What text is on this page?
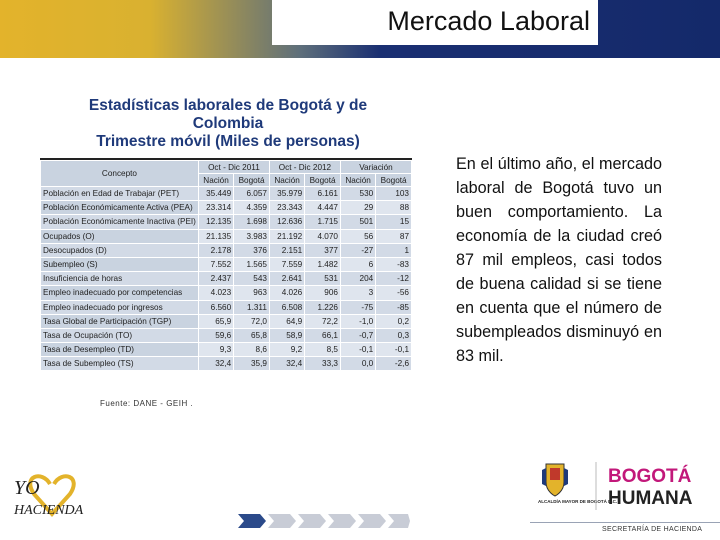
Mercado Laboral
Estadísticas laborales de Bogotá y de
Colombia
Trimestre móvil (Miles de personas)
Concepto	Oct - Dic 2011		Oct - Dic 2012		Variación	
	Nación	Bogotá	Nación	Bogotá	Nación	Bogotá
Población en Edad de Trabajar (PET)	35.449	6.057	35.979	6.161	530	103
Población Económicamente Activa (PEA)	23.314	4.359	23.343	4.447	29	88
Población Económicamente Inactiva (PEI)	12.135	1.698	12.636	1.715	501	15
Ocupados (O)	21.135	3.983	21.192	4.070	56	87
Desocupados (D)	2.178	376	2.151	377	-27	1
Subempleo (S)	7.552	1.565	7.559	1.482	6	-83
Insuficiencia de horas	2.437	543	2.641	531	204	-12
Empleo inadecuado por competencias	4.023	963	4.026	906	3	-56
Empleo inadecuado por ingresos	6.560	1.311	6.508	1.226	-75	-85
Tasa Global de Participación (TGP)	65,9	72,0	64,9	72,2	-1,0	0,2
Tasa de Ocupación (TO)	59,6	65,8	58,9	66,1	-0,7	0,3
Tasa de Desempleo (TD)	9,3	8,6	9,2	8,5	-0,1	-0,1
Tasa de Subempleo (TS)	32,4	35,9	32,4	33,3	0,0	-2,6
Fuente: DANE - GEIH .
En el último año, el mercado laboral de Bogotá tuvo un buen comportamiento. La economía de la ciudad creó 87 mil empleos, casi todos de buena calidad si se tiene en cuenta que el número de subempleados disminuyó en 83 mil.
YO
HACIENDA
ALCALDÍA MAYOR DE BOGOTÁ D.C.
BOGOTÁ
HUMANA
SECRETARÍA DE HACIENDA
